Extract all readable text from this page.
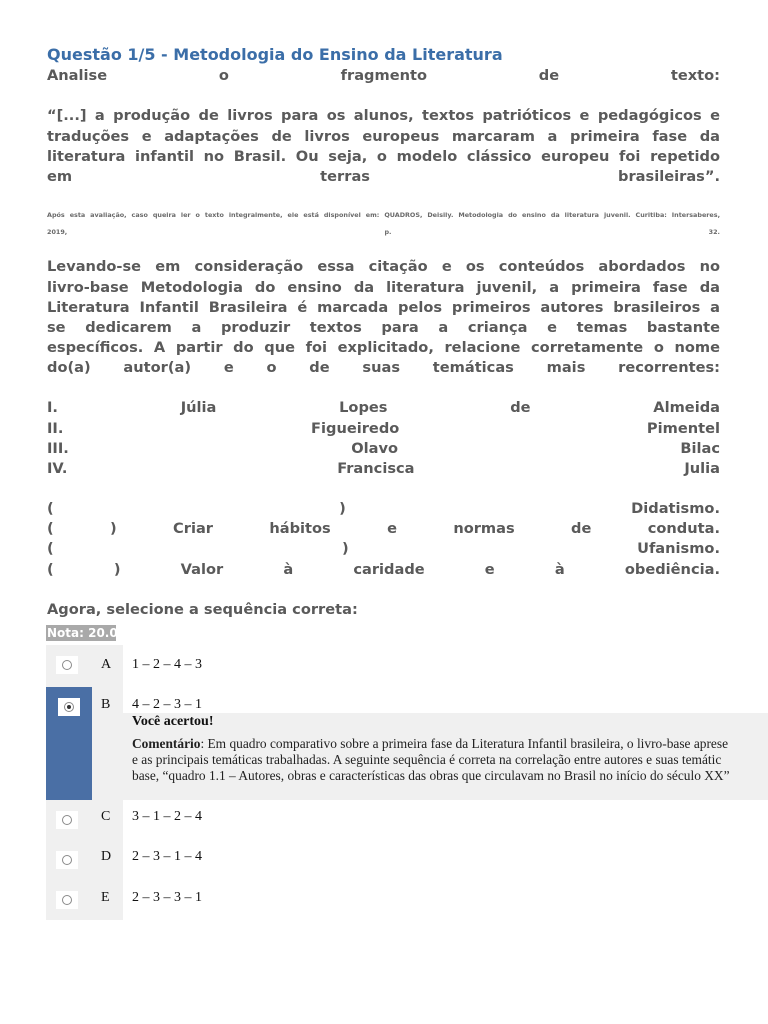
Questão 1/5 - Metodologia do Ensino da Literatura
Analise o fragmento de texto:
“[...] a produção de livros para os alunos, textos patrióticos e pedagógicos e
traduções e adaptações de livros europeus marcaram a primeira fase da
literatura infantil no Brasil. Ou seja, o modelo clássico europeu foi repetido
em terras brasileiras”.
Após esta avaliação, caso queira ler o texto integralmente, ele está disponível em: QUADROS, Deisily. Metodologia do ensino da literatura juvenil. Curitiba: Intersaberes,
2019, p. 32.
Levando-se em consideração essa citação e os conteúdos abordados no
livro-base Metodologia do ensino da literatura juvenil, a primeira fase da
Literatura Infantil Brasileira é marcada pelos primeiros autores brasileiros a
se dedicarem a produzir textos para a criança e temas bastante
específicos. A partir do que foi explicitado, relacione corretamente o nome
do(a) autor(a) e o de suas temáticas mais recorrentes:
I. Júlia Lopes de Almeida
II. Figueiredo Pimentel
III. Olavo Bilac
IV. Francisca Julia
( ) Didatismo.
( ) Criar hábitos e normas de conduta.
( ) Ufanismo.
( ) Valor à caridade e à obediência.
Agora, selecione a sequência correta:
Nota: 20.0
A 1 – 2 – 4 – 3
B 4 – 2 – 3 – 1
Você acertou!
Comentário: Em quadro comparativo sobre a primeira fase da Literatura Infantil brasileira, o livro-base aprese
e as principais temáticas trabalhadas. A seguinte sequência é correta na correlação entre autores e suas temátic
base, “quadro 1.1 – Autores, obras e características das obras que circulavam no Brasil no início do século XX”
C 3 – 1 – 2 – 4
D 2 – 3 – 1 – 4
E 2 – 3 – 3 – 1
